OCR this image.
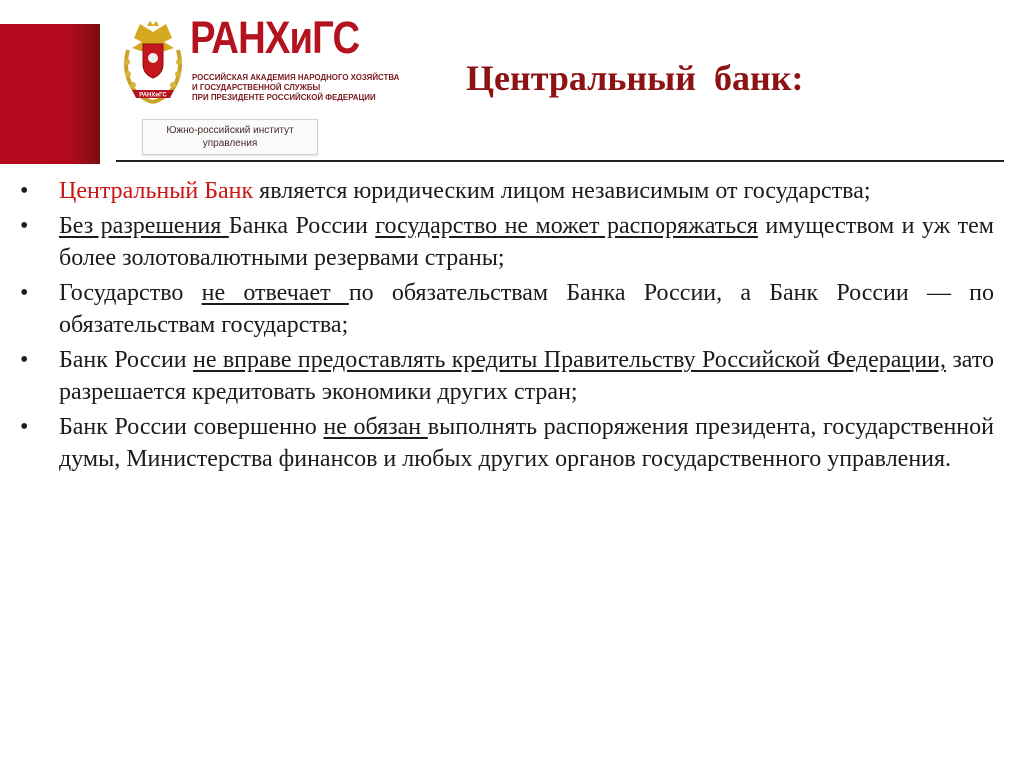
РАНХиГС
РАНХиГС
РОССИЙСКАЯ АКАДЕМИЯ НАРОДНОГО ХОЗЯЙСТВА
И ГОСУДАРСТВЕННОЙ СЛУЖБЫ
ПРИ ПРЕЗИДЕНТЕ РОССИЙСКОЙ ФЕДЕРАЦИИ
Южно-российский институт
управления
Центральный  банк:
•	Центральный Банк является юридическим лицом независимым от государства;
•	Без разрешения Банка России государство не может распоряжаться имуществом и уж тем более золотовалютными резервами страны;
•	Государство не отвечает по обязательствам Банка России, а Банк России — по обязательствам государства;
•	Банк России не вправе предоставлять кредиты Правительству Российской Федерации, зато разрешается кредитовать экономики других стран;
•	Банк России совершенно не обязан выполнять распоряжения президента, государственной думы, Министерства финансов и любых других органов государственного управления.
